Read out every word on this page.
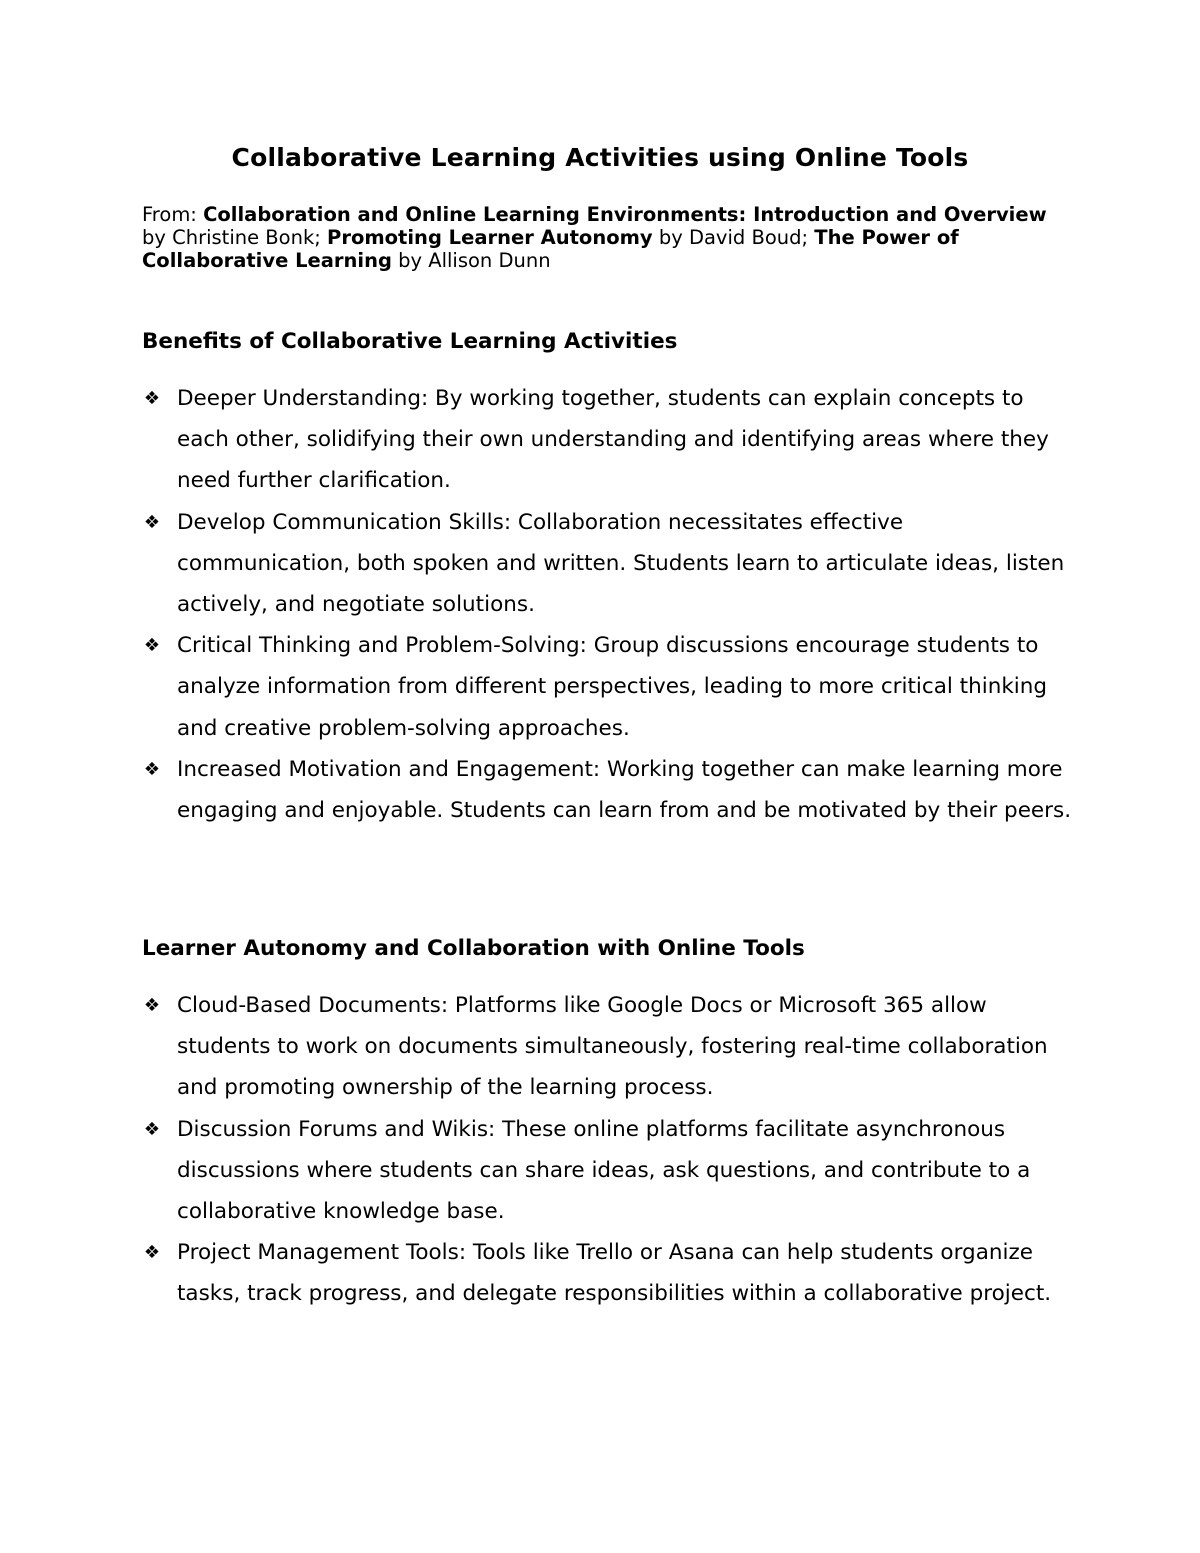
Collaborative Learning Activities using Online Tools
From: Collaboration and Online Learning Environments: Introduction and Overview by Christine Bonk; Promoting Learner Autonomy by David Boud; The Power of Collaborative Learning by Allison Dunn
Benefits of Collaborative Learning Activities
❖ Deeper Understanding: By working together, students can explain concepts to each other, solidifying their own understanding and identifying areas where they need further clarification.
❖ Develop Communication Skills: Collaboration necessitates effective communication, both spoken and written. Students learn to articulate ideas, listen actively, and negotiate solutions.
❖ Critical Thinking and Problem-Solving: Group discussions encourage students to analyze information from different perspectives, leading to more critical thinking and creative problem-solving approaches.
❖ Increased Motivation and Engagement: Working together can make learning more engaging and enjoyable. Students can learn from and be motivated by their peers.
Learner Autonomy and Collaboration with Online Tools
❖ Cloud-Based Documents: Platforms like Google Docs or Microsoft 365 allow students to work on documents simultaneously, fostering real-time collaboration and promoting ownership of the learning process.
❖ Discussion Forums and Wikis: These online platforms facilitate asynchronous discussions where students can share ideas, ask questions, and contribute to a collaborative knowledge base.
❖ Project Management Tools: Tools like Trello or Asana can help students organize tasks, track progress, and delegate responsibilities within a collaborative project.
